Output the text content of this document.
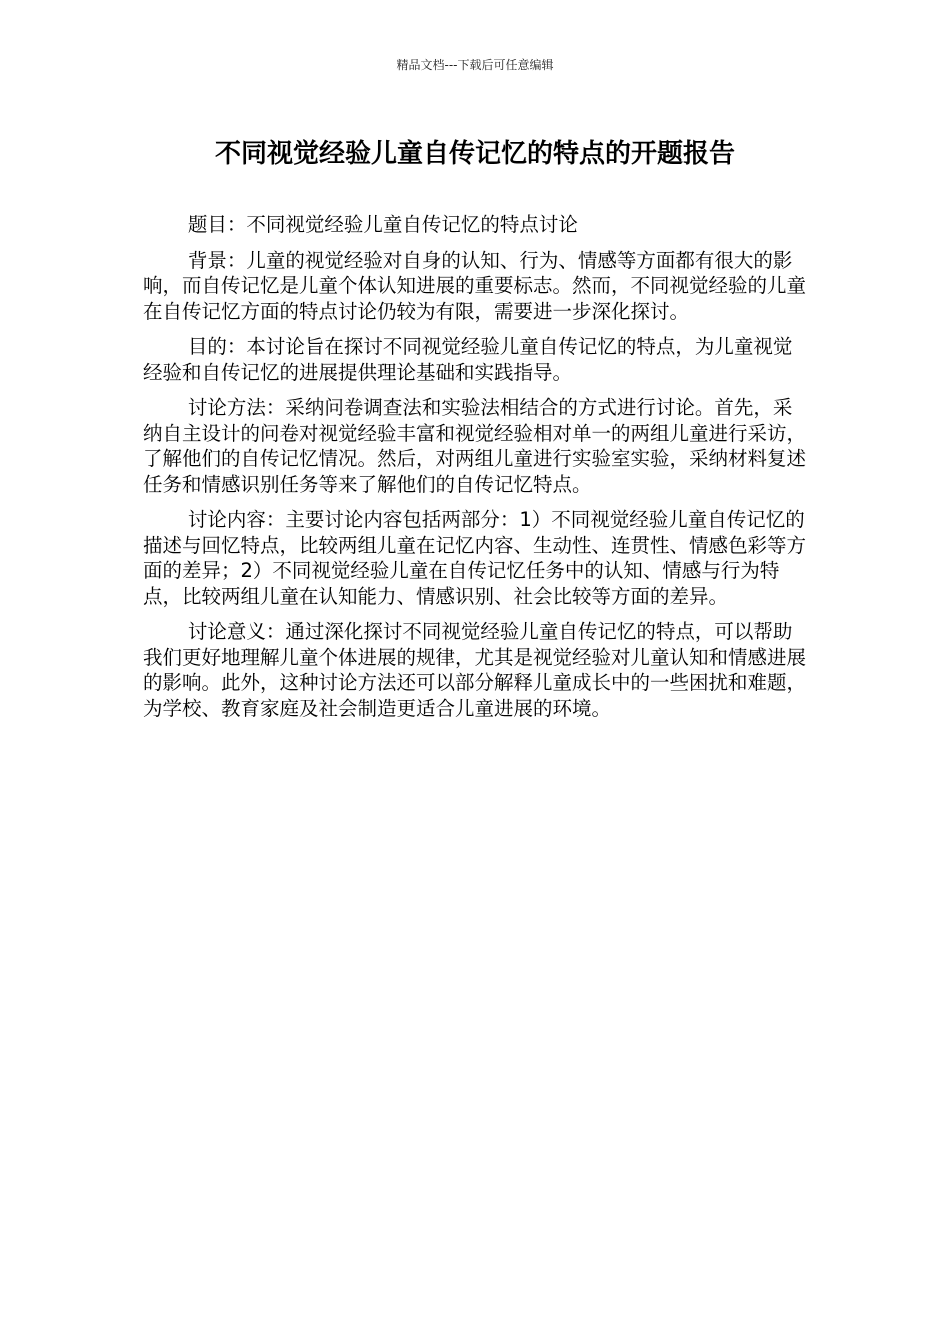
精品文档---下载后可任意编辑
不同视觉经验儿童自传记忆的特点的开题报告

题目：不同视觉经验儿童自传记忆的特点讨论

背景：儿童的视觉经验对自身的认知、行为、情感等方面都有很大的影响，而自传记忆是儿童个体认知进展的重要标志。然而，不同视觉经验的儿童在自传记忆方面的特点讨论仍较为有限，需要进一步深化探讨。

目的：本讨论旨在探讨不同视觉经验儿童自传记忆的特点，为儿童视觉经验和自传记忆的进展提供理论基础和实践指导。

讨论方法：采纳问卷调查法和实验法相结合的方式进行讨论。首先，采纳自主设计的问卷对视觉经验丰富和视觉经验相对单一的两组儿童进行采访，了解他们的自传记忆情况。然后，对两组儿童进行实验室实验，采纳材料复述任务和情感识别任务等来了解他们的自传记忆特点。

讨论内容：主要讨论内容包括两部分：1）不同视觉经验儿童自传记忆的描述与回忆特点，比较两组儿童在记忆内容、生动性、连贯性、情感色彩等方面的差异；2）不同视觉经验儿童在自传记忆任务中的认知、情感与行为特点，比较两组儿童在认知能力、情感识别、社会比较等方面的差异。

讨论意义：通过深化探讨不同视觉经验儿童自传记忆的特点，可以帮助我们更好地理解儿童个体进展的规律，尤其是视觉经验对儿童认知和情感进展的影响。此外，这种讨论方法还可以部分解释儿童成长中的一些困扰和难题，为学校、教育家庭及社会制造更适合儿童进展的环境。
